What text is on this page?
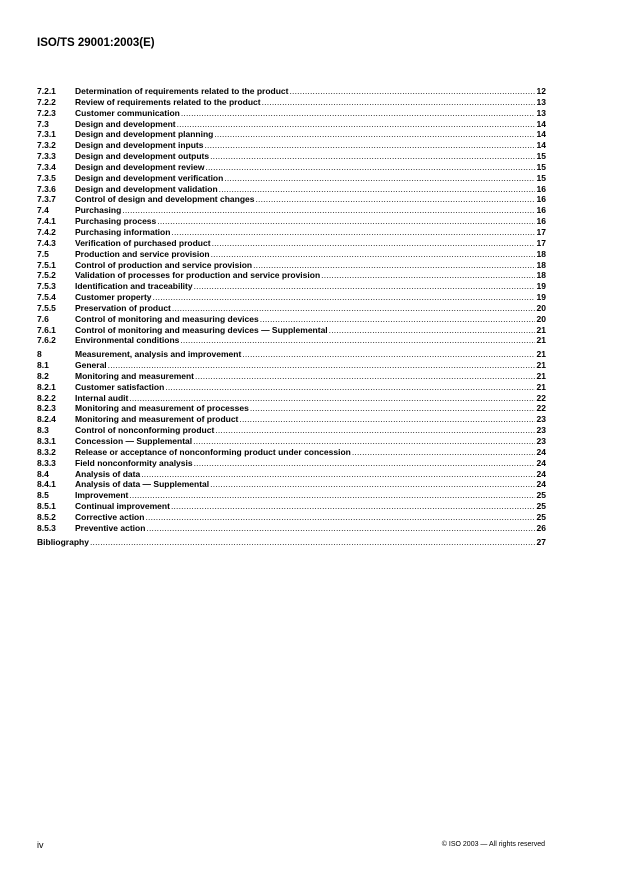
ISO/TS 29001:2003(E)
7.2.1	Determination of requirements related to the product .....	12
7.2.2	Review of requirements related to the product .....	13
7.2.3	Customer communication .....	13
7.3	Design and development .....	14
7.3.1	Design and development planning .....	14
7.3.2	Design and development inputs .....	14
7.3.3	Design and development outputs .....	15
7.3.4	Design and development review .....	15
7.3.5	Design and development verification .....	15
7.3.6	Design and development validation .....	16
7.3.7	Control of design and development changes .....	16
7.4	Purchasing .....	16
7.4.1	Purchasing process .....	16
7.4.2	Purchasing information .....	17
7.4.3	Verification of purchased product .....	17
7.5	Production and service provision .....	18
7.5.1	Control of production and service provision .....	18
7.5.2	Validation of processes for production and service provision .....	18
7.5.3	Identification and traceability .....	19
7.5.4	Customer property .....	19
7.5.5	Preservation of product .....	20
7.6	Control of monitoring and measuring devices .....	20
7.6.1	Control of monitoring and measuring devices — Supplemental .....	21
7.6.2	Environmental conditions .....	21
8	Measurement, analysis and improvement .....	21
8.1	General .....	21
8.2	Monitoring and measurement .....	21
8.2.1	Customer satisfaction .....	21
8.2.2	Internal audit .....	22
8.2.3	Monitoring and measurement of processes .....	22
8.2.4	Monitoring and measurement of product .....	23
8.3	Control of nonconforming product .....	23
8.3.1	Concession — Supplemental .....	23
8.3.2	Release or acceptance of nonconforming product under concession .....	24
8.3.3	Field nonconformity analysis .....	24
8.4	Analysis of data .....	24
8.4.1	Analysis of data — Supplemental .....	24
8.5	Improvement .....	25
8.5.1	Continual improvement .....	25
8.5.2	Corrective action .....	25
8.5.3	Preventive action .....	26
Bibliography .....	27
iv	© ISO 2003 — All rights reserved
